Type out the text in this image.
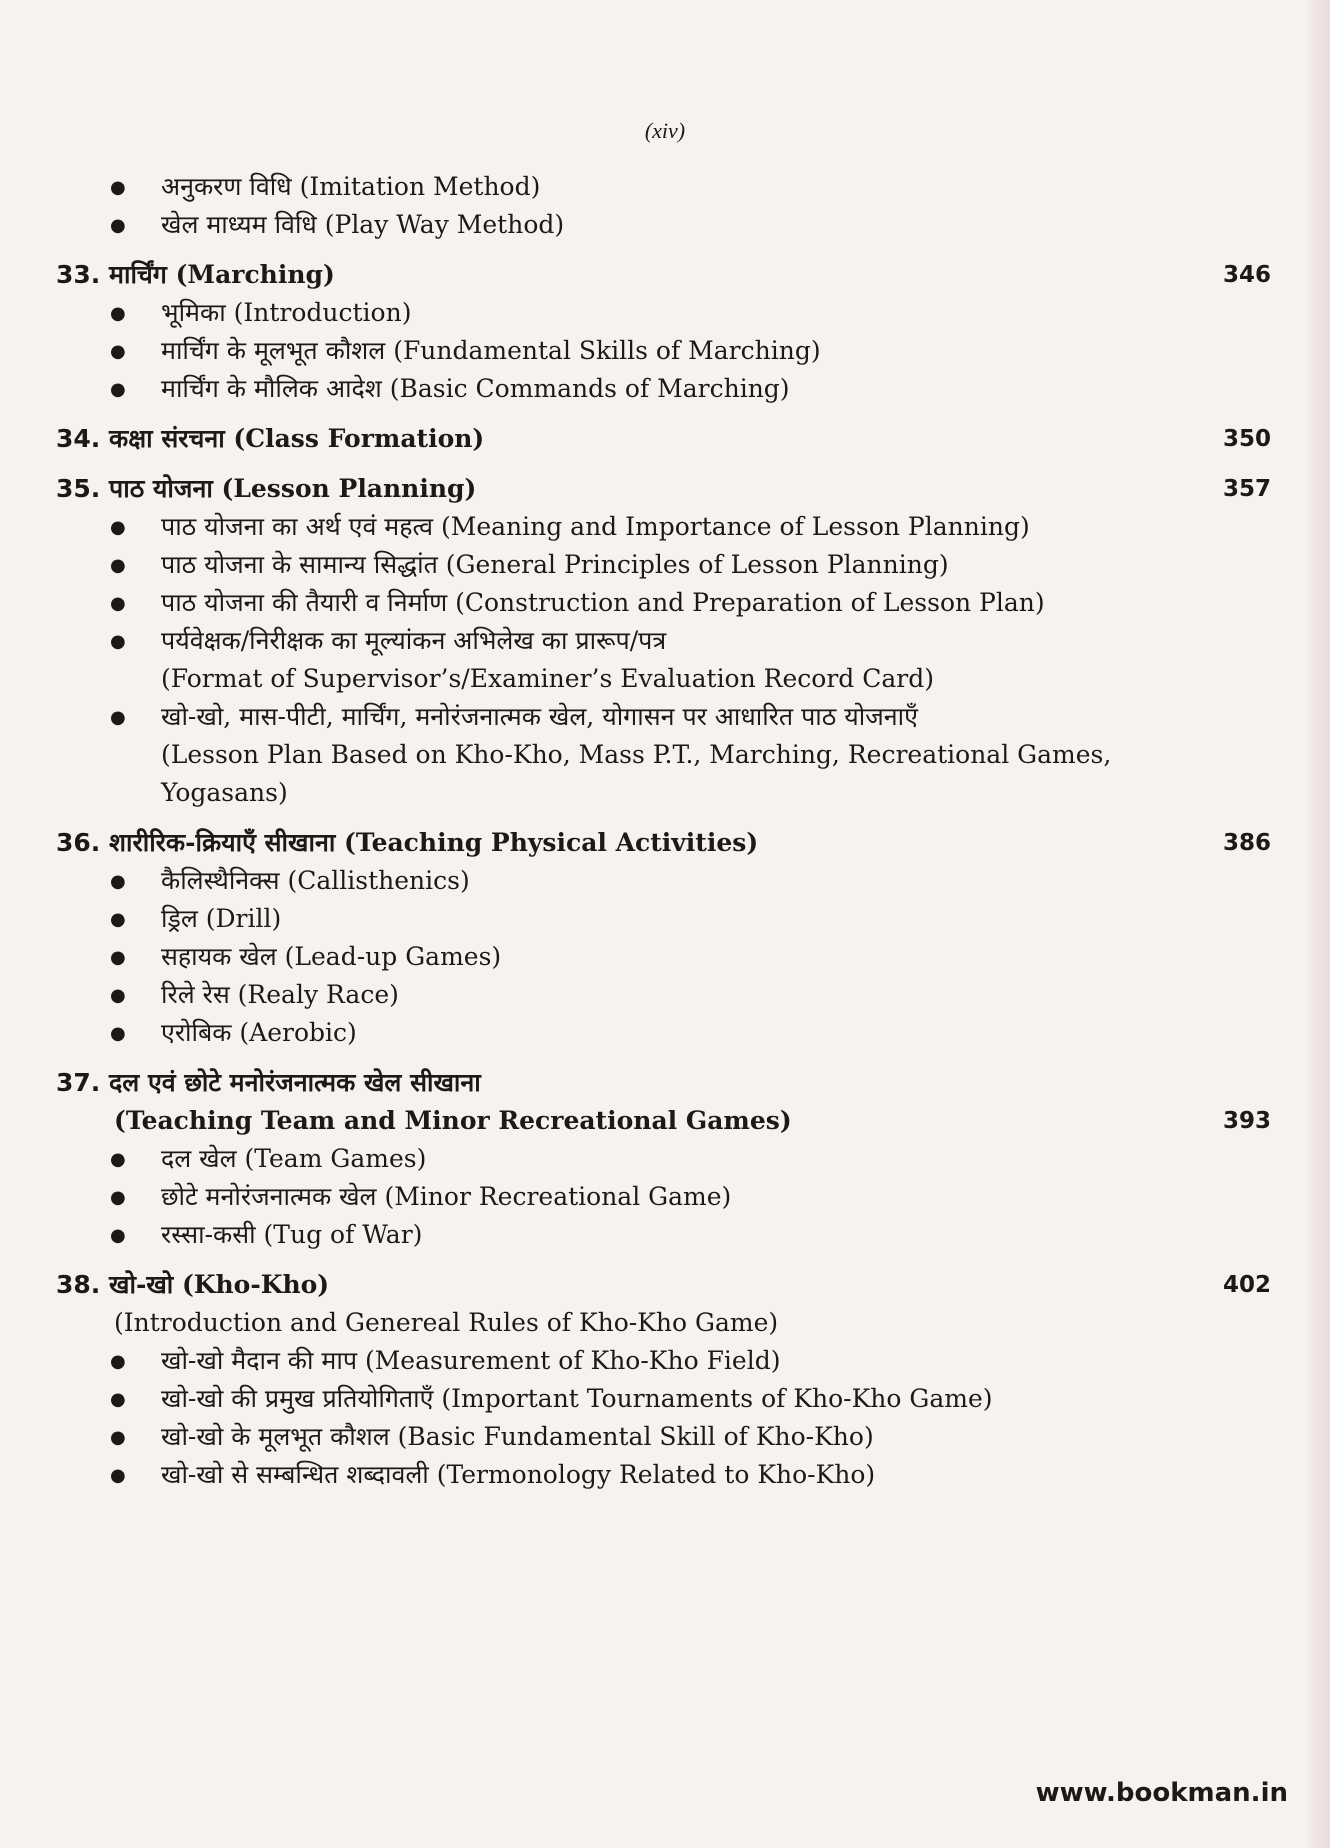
(xiv)
● अनुकरण विधि (Imitation Method)
● खेल माध्यम विधि (Play Way Method)
33. मार्चिंग (Marching)	346
● भूमिका (Introduction)
● मार्चिंग के मूलभूत कौशल (Fundamental Skills of Marching)
● मार्चिंग के मौलिक आदेश (Basic Commands of Marching)
34. कक्षा संरचना (Class Formation)	350
35. पाठ योजना (Lesson Planning)	357
● पाठ योजना का अर्थ एवं महत्व (Meaning and Importance of Lesson Planning)
● पाठ योजना के सामान्य सिद्धांत (General Principles of Lesson Planning)
● पाठ योजना की तैयारी व निर्माण (Construction and Preparation of Lesson Plan)
● पर्यवेक्षक/निरीक्षक का मूल्यांकन अभिलेख का प्रारूप/पत्र
(Format of Supervisor’s/Examiner’s Evaluation Record Card)
● खो-खो, मास-पीटी, मार्चिंग, मनोरंजनात्मक खेल, योगासन पर आधारित पाठ योजनाएँ
(Lesson Plan Based on Kho-Kho, Mass P.T., Marching, Recreational Games,
Yogasans)
36. शारीरिक-क्रियाएँ सीखाना (Teaching Physical Activities)	386
● कैलिस्थैनिक्स (Callisthenics)
● ड्रिल (Drill)
● सहायक खेल (Lead-up Games)
● रिले रेस (Realy Race)
● एरोबिक (Aerobic)
37. दल एवं छोटे मनोरंजनात्मक खेल सीखाना
(Teaching Team and Minor Recreational Games)	393
● दल खेल (Team Games)
● छोटे मनोरंजनात्मक खेल (Minor Recreational Game)
● रस्सा-कसी (Tug of War)
38. खो-खो (Kho-Kho)	402
(Introduction and Genereal Rules of Kho-Kho Game)
● खो-खो मैदान की माप (Measurement of Kho-Kho Field)
● खो-खो की प्रमुख प्रतियोगिताएँ (Important Tournaments of Kho-Kho Game)
● खो-खो के मूलभूत कौशल (Basic Fundamental Skill of Kho-Kho)
● खो-खो से सम्बन्धित शब्दावली (Termonology Related to Kho-Kho)
www.bookman.in
